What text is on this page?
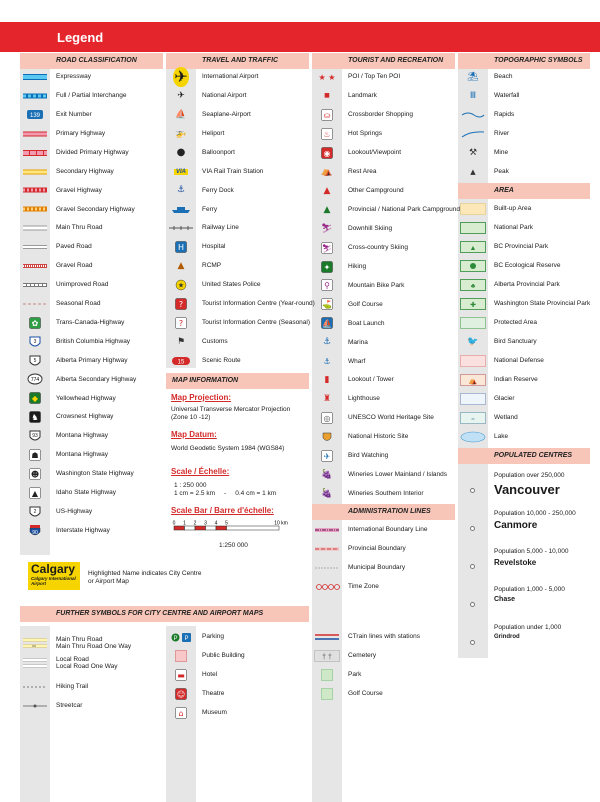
Legend
ROAD CLASSIFICATION	TRAVEL AND TRAFFIC	TOURIST AND RECREATION	TOPOGRAPHIC SYMBOLS
MAP INFORMATION
ADMINISTRATION LINES
AREA
POPULATED CENTRES
FURTHER SYMBOLS FOR CITY CENTRE AND AIRPORT MAPS
Map Projection:
Universal Transverse Mercator Projection
(Zone 10 -12)
Map Datum:
World Geodetic System 1984 (WGS84)
Scale / Échelle:
1 : 250 000
1 cm = 2.5 km     -     0.4 cm = 1 km
Scale Bar / Barre d'échelle:
0 1 2 3 4 5	10 km
1:250 000
Calgary
Calgary International Airport
Highlighted Name indicates City Centre
or Airport Map
Expressway
Full / Partial Interchange
139 Exit Number
Primary Highway
Divided Primary Highway
Secondary Highway
Gravel Highway
Gravel Secondary Highway
Main Thru Road
Paved Road
Gravel Road
Unimproved Road
Seasonal Road
✿	Trans-Canada-Highway
3	British Columbia Highway
5	Alberta Primary Highway
774	Alberta Secondary Highway
◆	Yellowhead Highway
♞	Crowsnest Highway
93	Montana Highway
☗	Montana Highway
☻	Washington State Highway
▲	Idaho State Highway
2	US-Highway
90	Interstate Highway
✈ International Airport
✈	National Airport
⛵ Seaplane-Airport
🚁 Heliport
●	Balloonport
VIA	VIA Rail Train Station
⚓	Ferry Dock
Ferry
Railway Line
H	Hospital
▲	RCMP
★	United States Police
?	Tourist Information Centre (Year-round)
?	Tourist Information Centre (Seasonal)
⚑	Customs
15	Scenic Route
★ ★ POI / Top Ten POI
■	Landmark
⛀	Crossborder Shopping
♨	Hot Springs
◉	Lookout/Viewpoint
⛺ Rest Area
▲	Other Campground
▲	Provincial / National Park Campground
⛷ Downhill Skiing
⛷ Cross-country Skiing
✦	Hiking
⚲	Mountain Bike Park
⛳ Golf Course
⛵ Boat Launch
⚓	Marina
⚓	Wharf
▮	Lookout / Tower
♜	Lighthouse
◎	UNESCO World Heritage Site
National Historic Site
✈	Bird Watching
🍇 Wineries Lower Mainland / Islands
🍇 Wineries Southern Interior
International Boundary Line
Provincial Boundary
Municipal Boundary
Time Zone
⛱ Beach
Ⅲ	Waterfall
Rapids
River
⚒	Mine
▲	Peak
Built-up Area
National Park
▲	BC Provincial Park
BC Ecological Reserve
♣	Alberta Provincial Park
✚	Washington State Provincial Park
Protected Area
🐦 Bird Sanctuary
National Defense
⛺	Indian Reserve
Glacier
≈	Wetland
Lake
Population over 250,000
Vancouver
Population 10,000 - 250,000
Canmore
Population 5,000 - 10,000
Revelstoke
Population 1,000 - 5,000
Chase
Population under 1,000
Grindrod
Main Thru Road
Main Thru Road One Way
Local Road
Local Road One Way
Hiking Trail
Streetcar
P P Parking
Public Building
▬	Hotel
☺	Theatre
⌂	Museum
CTrain lines with stations
† † Cemetery
Park
Golf Course
